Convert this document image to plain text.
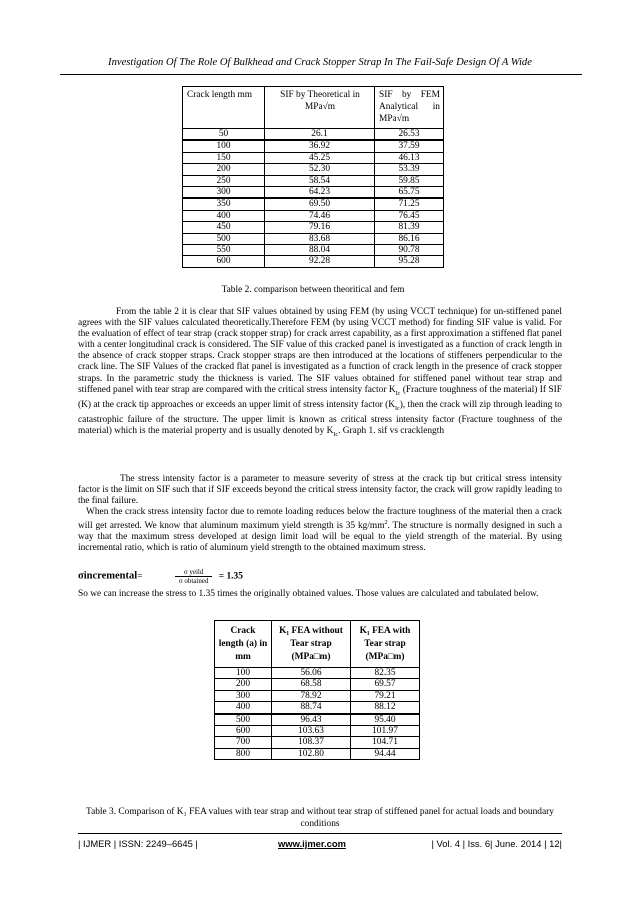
Investigation Of The Role Of Bulkhead and Crack Stopper Strap In The Fail-Safe Design Of A Wide
Crack length mm	SIF by Theoretical in MPa√m	SIF by FEM Analytical in MPa√m
50	26.1	26.53
100	36.92	37.59
150	45.25	46.13
200	52.30	53.39
250	58.54	59.85
300	64.23	65.75
350	69.50	71.25
400	74.46	76.45
450	79.16	81.39
500	83.68	86.16
550	88.04	90.78
600	92.28	95.28
Table 2. comparison between theoritical and fem

From the table 2 it is clear that SIF values obtained by using FEM (by using VCCT technique) for un-stiffened panel agrees with the SIF values calculated theoretically.Therefore FEM (by using VCCT method) for finding SIF value is valid. For the evaluation of effect of tear strap (crack stopper strap) for crack arrest capability, as a first approximation a stiffened flat panel with a center longitudinal crack is considered. The SIF value of this cracked panel is investigated as a function of crack length in the absence of crack stopper straps. Crack stopper straps are then introduced at the locations of stiffeners perpendicular to the crack line. The SIF Values of the cracked flat panel is investigated as a function of crack length in the presence of crack stopper straps. In the parametric study the thickness is varied. The SIF values obtained for stiffened panel without tear strap and stiffened panel with tear strap are compared with the critical stress intensity factor $K_{Ic}$ (Fracture toughness of the material) If SIF (K) at the crack tip approaches or exceeds an upper limit of stress intensity factor $(K_{Ic})$, then the crack will zip through leading to catastrophic failure of the structure. The upper limit is known as critical stress intensity factor (Fracture toughness of the material) which is the material property and is usually denoted by $K_{Ic}$. Graph 1. sif vs cracklength

The stress intensity factor is a parameter to measure severity of stress at the crack tip but critical stress intensity factor is the limit on SIF such that if SIF exceeds beyond the critical stress intensity factor, the crack will grow rapidly leading to the final failure.

When the crack stress intensity factor due to remote loading reduces below the fracture toughness of the material then a crack will get arrested. We know that aluminum maximum yield strength is 35 $kg/mm^2$. The structure is normally designed in such a way that the maximum stress developed at design limit load will be equal to the yield strength of the material. By using incremental ratio, which is ratio of aluminum yield strength to the obtained maximum stress.

σincremental=	$\frac{\text{σ yeild}}{\text{σ obtained}} = 1.35$

So we can increase the stress to 1.35 times the originally obtained values. Those values are calculated and tabulated below.

Crack length (a) in mm	K₁ FEA without Tear strap (MPa□m)	K₁ FEA with Tear strap (MPa□m)
100	56.06	82.35
200	68.58	69.57
300	78.92	79.21
400	88.74	88.12
500	96.43	95.40
600	103.63	101.97
700	108.37	104.71
800	102.80	94.44
Table 3. Comparison of K₁ FEA values with tear strap and without tear strap of stiffened panel for actual loads and boundary conditions
| IJMER | ISSN: 2249–6645 |	www.ijmer.com	| Vol. 4 | Iss. 6| June. 2014 | 12|
